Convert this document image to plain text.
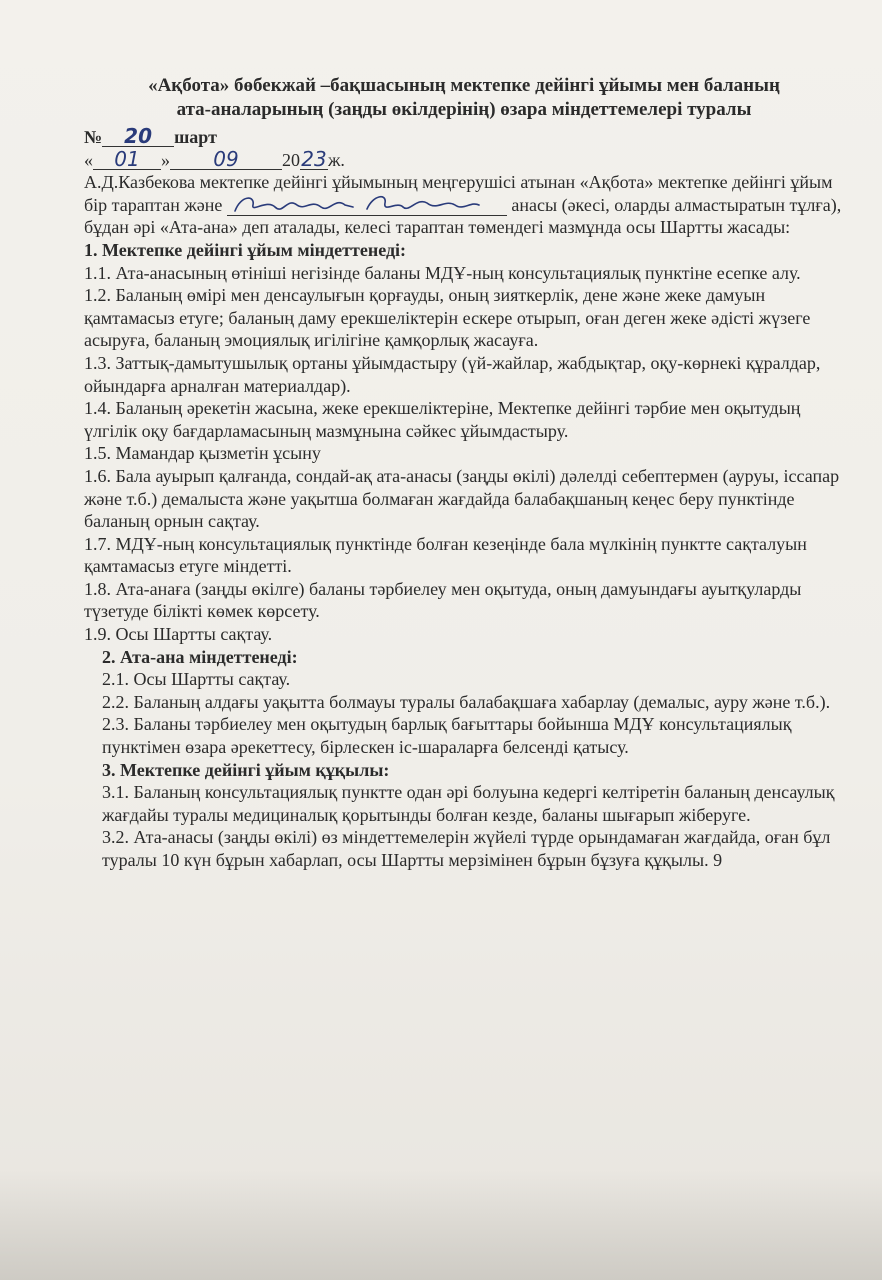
«Ақбота» бөбекжай –бақшасының мектепке дейінгі ұйымы мен баланың
ата-аналарының (заңды өкілдерінің) өзара міндеттемелері туралы
№ 20 шарт
« 01 » 09 2023ж.

А.Д.Казбекова мектепке дейінгі ұйымының меңгерушісі атынан «Ақбота» мектепке дейінгі ұйым бір тараптан және	анасы (әкесі, оларды алмастыратын тұлға), бұдан әрі «Ата-ана» деп аталады, келесі тараптан төмендегі мазмұнда осы Шартты жасады:

1. Мектепке дейінгі ұйым міндеттенеді:

1.1. Ата-анасының өтініші негізінде баланы МДҰ-ның консультациялық пунктіне есепке алу.

1.2. Баланың өмірі мен денсаулығын қорғауды, оның зияткерлік, дене және жеке дамуын қамтамасыз етуге; баланың даму ерекшеліктерін ескере отырып, оған деген жеке әдісті жүзеге асыруға, баланың эмоциялық игілігіне қамқорлық жасауға.

1.3. Заттық-дамытушылық ортаны ұйымдастыру (үй-жайлар, жабдықтар, оқу-көрнекі құралдар, ойындарға арналған материалдар).

1.4. Баланың әрекетін жасына, жеке ерекшеліктеріне, Мектепке дейінгі тәрбие мен оқытудың үлгілік оқу бағдарламасының мазмұнына сәйкес ұйымдастыру.

1.5. Мамандар қызметін ұсыну

1.6. Бала ауырып қалғанда, сондай-ақ ата-анасы (заңды өкілі) дәлелді себептермен (ауруы, іссапар және т.б.) демалыста және уақытша болмаған жағдайда балабақшаның кеңес беру пунктінде баланың орнын сақтау.

1.7. МДҰ-ның консультациялық пунктінде болған кезеңінде бала мүлкінің пунктте сақталуын қамтамасыз етуге міндетті.

1.8. Ата-анаға (заңды өкілге) баланы тәрбиелеу мен оқытуда, оның дамуындағы ауытқуларды түзетуде білікті көмек көрсету.

1.9. Осы Шартты сақтау.

2. Ата-ана міндеттенеді:

2.1. Осы Шартты сақтау.

2.2. Баланың алдағы уақытта болмауы туралы балабақшаға хабарлау (демалыс, ауру және т.б.).

2.3. Баланы тәрбиелеу мен оқытудың барлық бағыттары бойынша МДҰ консультациялық пунктімен өзара әрекеттесу, бірлескен іс-шараларға белсенді қатысу.

3. Мектепке дейінгі ұйым құқылы:

3.1. Баланың консультациялық пунктте одан әрі болуына кедергі келтіретін баланың денсаулық жағдайы туралы медициналық қорытынды болған кезде, баланы шығарып жіберуге.

3.2. Ата-анасы (заңды өкілі) өз міндеттемелерін жүйелі түрде орындамаған жағдайда, оған бұл туралы 10 күн бұрын хабарлап, осы Шартты мерзімінен бұрын бұзуға құқылы. 9
